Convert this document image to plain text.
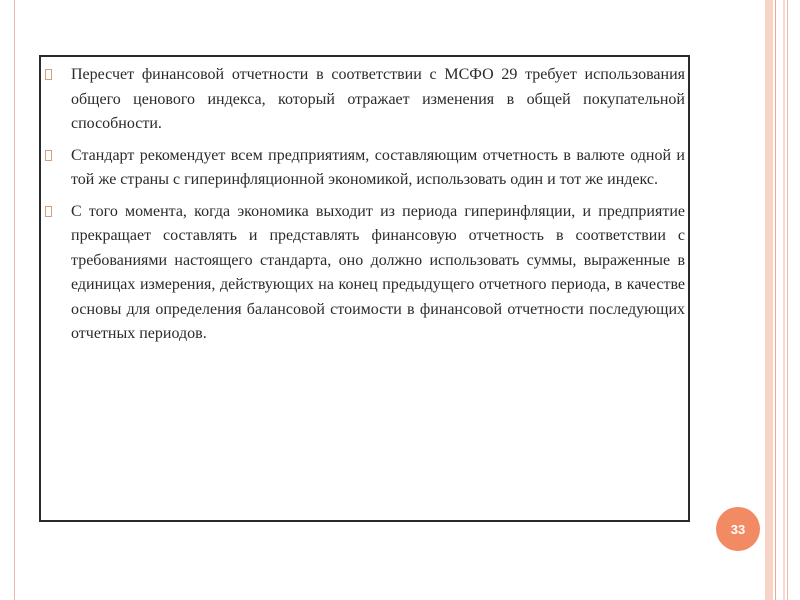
Пересчет финансовой отчетности в соответствии с МСФО 29 требует использования общего ценового индекса, который отражает изменения в общей покупательной способности.
Стандарт рекомендует всем предприятиям, составляющим отчетность в валюте одной и той же страны с гиперинфляционной экономикой, использовать один и тот же индекс.
С того момента, когда экономика выходит из периода гиперинфляции, и предприятие прекращает составлять и представлять финансовую отчетность в соответствии с требованиями настоящего стандарта, оно должно использовать суммы, выраженные в единицах измерения, действующих на конец предыдущего отчетного периода, в качестве основы для определения балансовой стоимости в финансовой отчетности последующих отчетных периодов.
33
